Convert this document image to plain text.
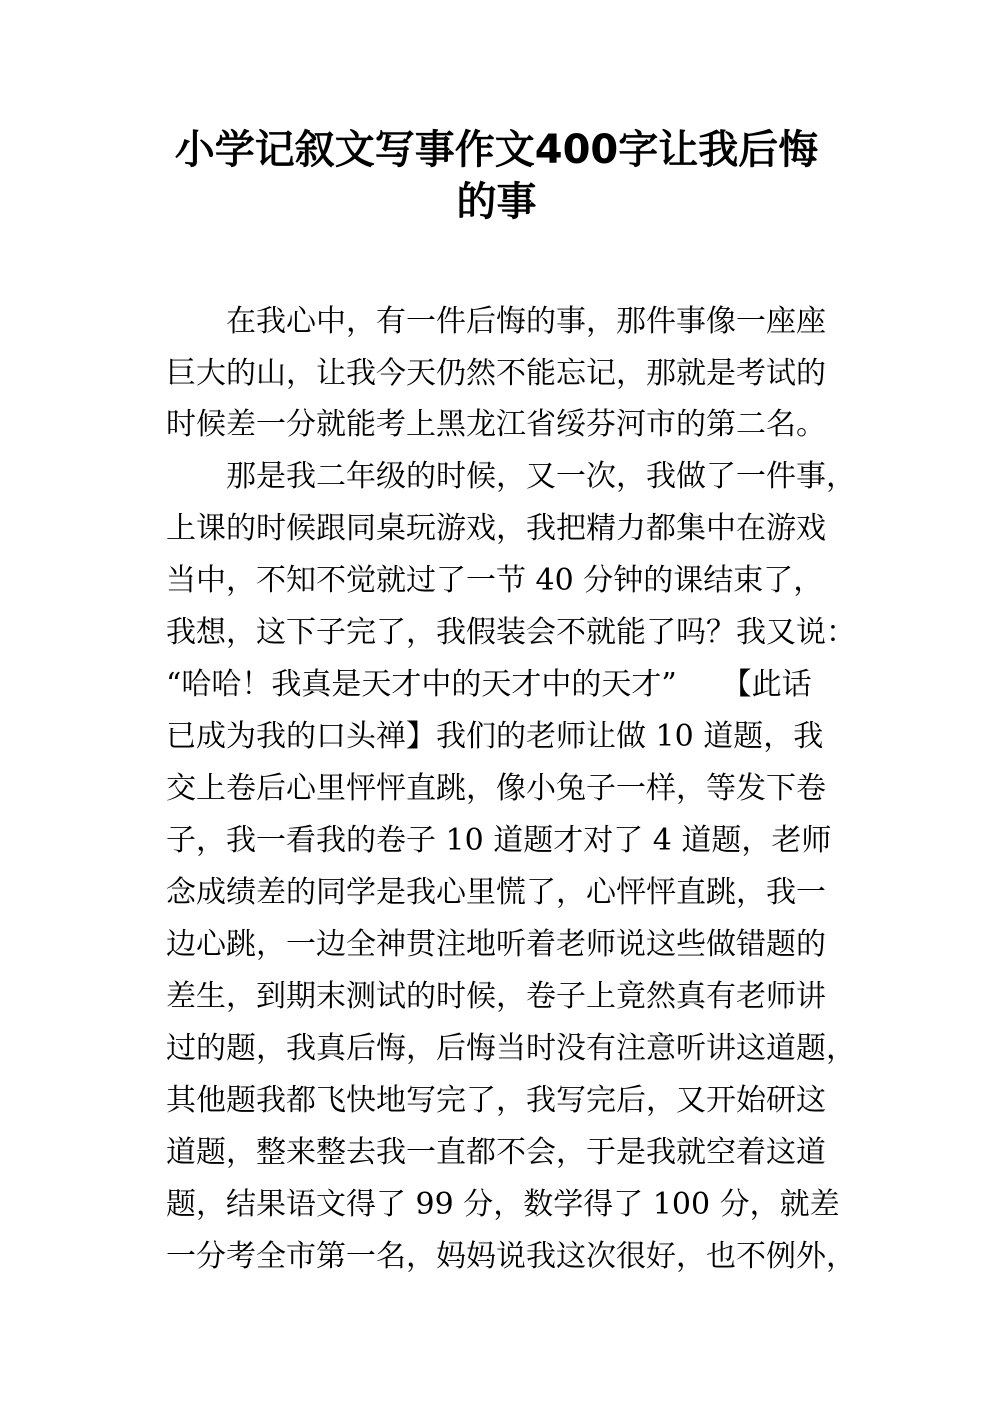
小学记叙文写事作文400字让我后悔
的事

在我心中，有一件后悔的事，那件事像一座座

巨大的山，让我今天仍然不能忘记，那就是考试的

时候差一分就能考上黑龙江省绥芬河市的第二名。

那是我二年级的时候，又一次，我做了一件事，

上课的时候跟同桌玩游戏，我把精力都集中在游戏

当中，不知不觉就过了一节 40 分钟的课结束了，

我想，这下子完了，我假装会不就能了吗？我又说：

“哈哈！我真是天才中的天才中的天才”　　【此话

已成为我的口头禅】我们的老师让做 10 道题，我

交上卷后心里怦怦直跳，像小兔子一样，等发下卷

子，我一看我的卷子 10 道题才对了 4 道题，老师

念成绩差的同学是我心里慌了，心怦怦直跳，我一

边心跳，一边全神贯注地听着老师说这些做错题的

差生，到期末测试的时候，卷子上竟然真有老师讲

过的题，我真后悔，后悔当时没有注意听讲这道题，

其他题我都飞快地写完了，我写完后，又开始研这

道题，整来整去我一直都不会，于是我就空着这道

题，结果语文得了 99 分，数学得了 100 分，就差

一分考全市第一名，妈妈说我这次很好，也不例外，
